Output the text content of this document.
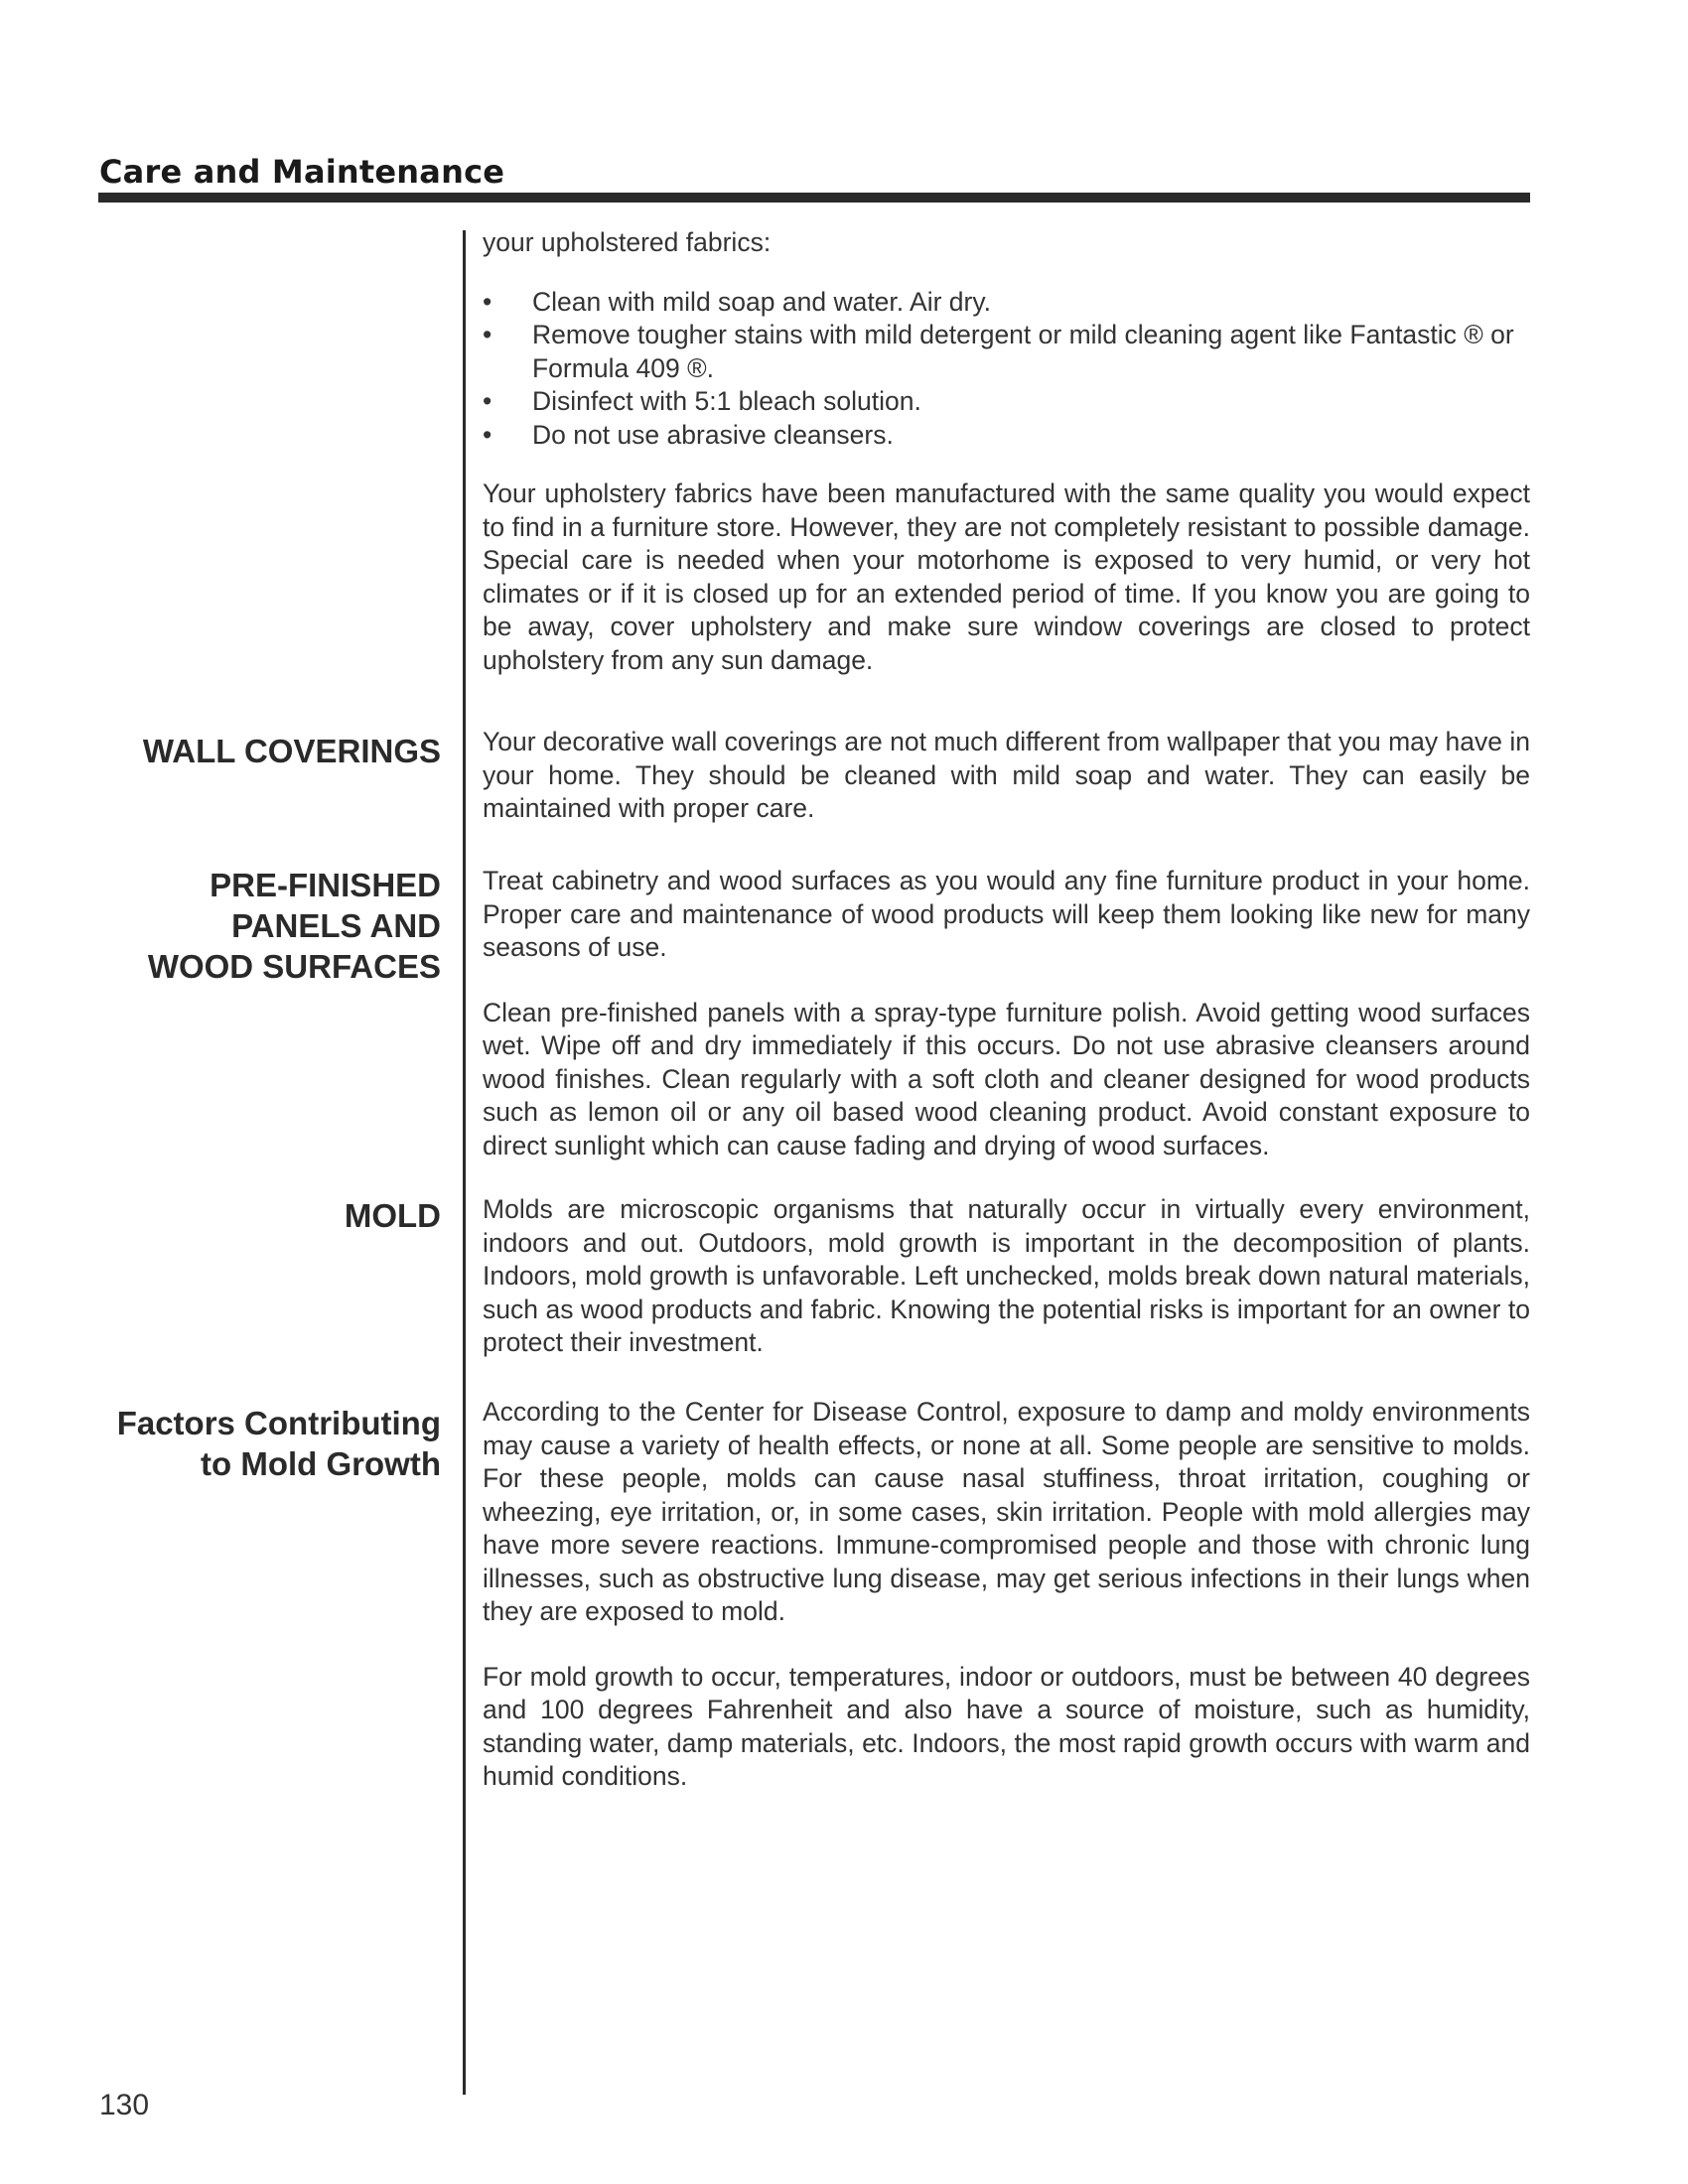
Care and Maintenance

your upholstered fabrics:

• Clean with mild soap and water. Air dry.
• Remove tougher stains with mild detergent or mild cleaning agent like Fantastic ® or Formula 409 ®.
• Disinfect with 5:1 bleach solution.
• Do not use abrasive cleansers.

Your upholstery fabrics have been manufactured with the same quality you would expect to find in a furniture store. However, they are not completely resistant to possible damage. Special care is needed when your motorhome is exposed to very humid, or very hot climates or if it is closed up for an extended period of time. If you know you are going to be away, cover upholstery and make sure window coverings are closed to protect upholstery from any sun damage.

WALL COVERINGS Your decorative wall coverings are not much different from wallpaper that you may have in your home. They should be cleaned with mild soap and water. They can easily be maintained with proper care.

PRE-FINISHED
PANELS AND
WOOD SURFACES

Treat cabinetry and wood surfaces as you would any fine furniture product in your home. Proper care and maintenance of wood products will keep them looking like new for many seasons of use.

Clean pre-finished panels with a spray-type furniture polish. Avoid getting wood surfaces wet. Wipe off and dry immediately if this occurs. Do not use abrasive cleansers around wood finishes. Clean regularly with a soft cloth and cleaner designed for wood products such as lemon oil or any oil based wood cleaning product. Avoid constant exposure to direct sunlight which can cause fading and drying of wood surfaces.

MOLD Molds are microscopic organisms that naturally occur in virtually every environment, indoors and out. Outdoors, mold growth is important in the decomposition of plants. Indoors, mold growth is unfavorable. Left unchecked, molds break down natural materials, such as wood products and fabric. Knowing the potential risks is important for an owner to protect their investment.

Factors Contributing
to Mold Growth

According to the Center for Disease Control, exposure to damp and moldy environments may cause a variety of health effects, or none at all. Some people are sensitive to molds. For these people, molds can cause nasal stuffiness, throat irritation, coughing or wheezing, eye irritation, or, in some cases, skin irritation. People with mold allergies may have more severe reactions. Immune-compromised people and those with chronic lung illnesses, such as obstructive lung disease, may get serious infections in their lungs when they are exposed to mold.

For mold growth to occur, temperatures, indoor or outdoors, must be between 40 degrees and 100 degrees Fahrenheit and also have a source of moisture, such as humidity, standing water, damp materials, etc. Indoors, the most rapid growth occurs with warm and humid conditions.

130
